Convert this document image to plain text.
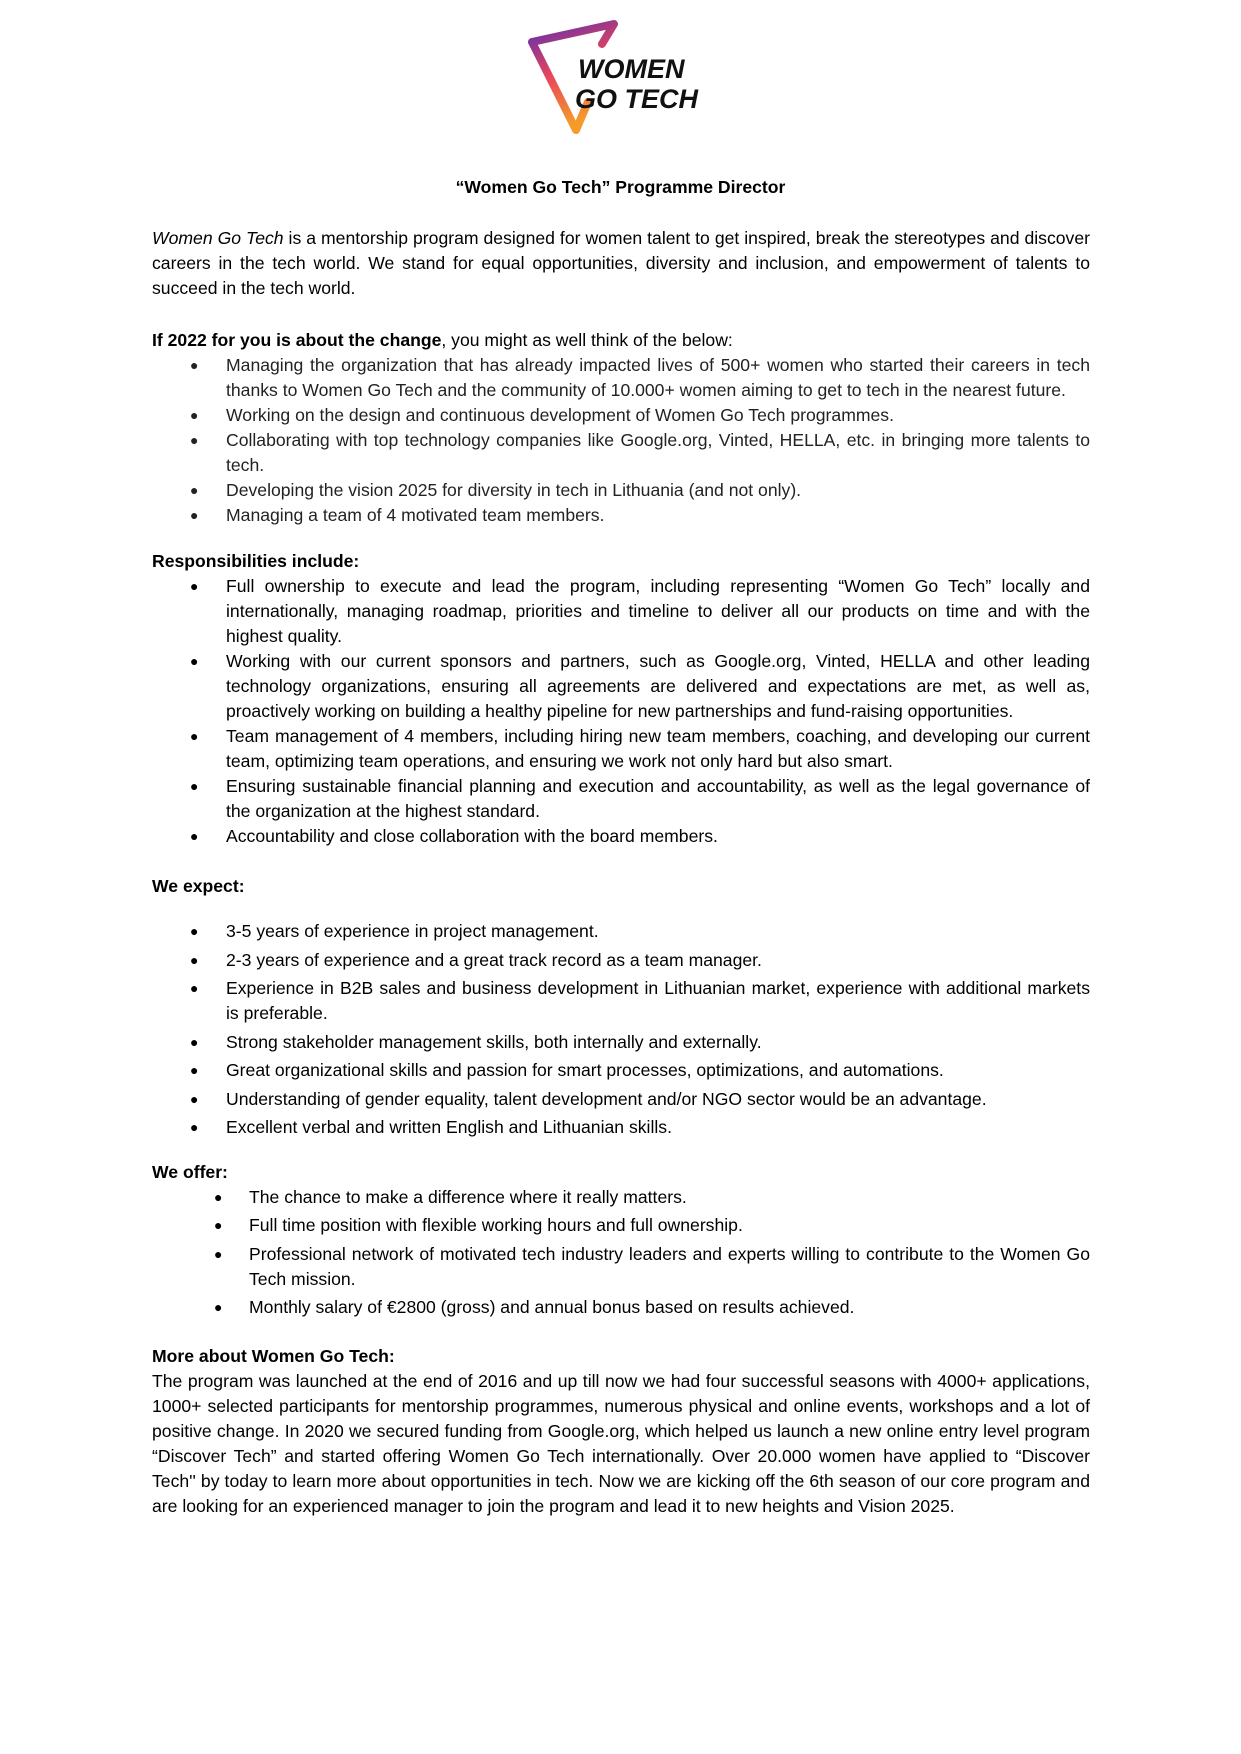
WOMEN
GO TECH
“Women Go Tech” Programme Director

Women Go Tech is a mentorship program designed for women talent to get inspired, break the stereotypes and discover careers in the tech world. We stand for equal opportunities, diversity and inclusion, and empowerment of talents to succeed in the tech world.

If 2022 for you is about the change, you might as well think of the below:

● Managing the organization that has already impacted lives of 500+ women who started their careers in tech thanks to Women Go Tech and the community of 10.000+ women aiming to get to tech in the nearest future.
● Working on the design and continuous development of Women Go Tech programmes.
● Collaborating with top technology companies like Google.org, Vinted, HELLA, etc. in bringing more talents to tech.
● Developing the vision 2025 for diversity in tech in Lithuania (and not only).
● Managing a team of 4 motivated team members.
Responsibilities include:
● Full ownership to execute and lead the program, including representing “Women Go Tech” locally and internationally, managing roadmap, priorities and timeline to deliver all our products on time and with the highest quality.
● Working with our current sponsors and partners, such as Google.org, Vinted, HELLA and other leading technology organizations, ensuring all agreements are delivered and expectations are met, as well as, proactively working on building a healthy pipeline for new partnerships and fund-raising opportunities.
● Team management of 4 members, including hiring new team members, coaching, and developing our current team, optimizing team operations, and ensuring we work not only hard but also smart.
● Ensuring sustainable financial planning and execution and accountability, as well as the legal governance of the organization at the highest standard.
● Accountability and close collaboration with the board members.
We expect:
● 3-5 years of experience in project management.
● 2-3 years of experience and a great track record as a team manager.
● Experience in B2B sales and business development in Lithuanian market, experience with additional markets is preferable.
● Strong stakeholder management skills, both internally and externally.
● Great organizational skills and passion for smart processes, optimizations, and automations.
● Understanding of gender equality, talent development and/or NGO sector would be an advantage.
● Excellent verbal and written English and Lithuanian skills.
We offer:
● The chance to make a difference where it really matters.
● Full time position with flexible working hours and full ownership.
● Professional network of motivated tech industry leaders and experts willing to contribute to the Women Go Tech mission.
● Monthly salary of €2800 (gross) and annual bonus based on results achieved.
More about Women Go Tech:

The program was launched at the end of 2016 and up till now we had four successful seasons with 4000+ applications, 1000+ selected participants for mentorship programmes, numerous physical and online events, workshops and a lot of positive change. In 2020 we secured funding from Google.org, which helped us launch a new online entry level program “Discover Tech” and started offering Women Go Tech internationally. Over 20.000 women have applied to “Discover Tech'' by today to learn more about opportunities in tech. Now we are kicking off the 6th season of our core program and are looking for an experienced manager to join the program and lead it to new heights and Vision 2025.
